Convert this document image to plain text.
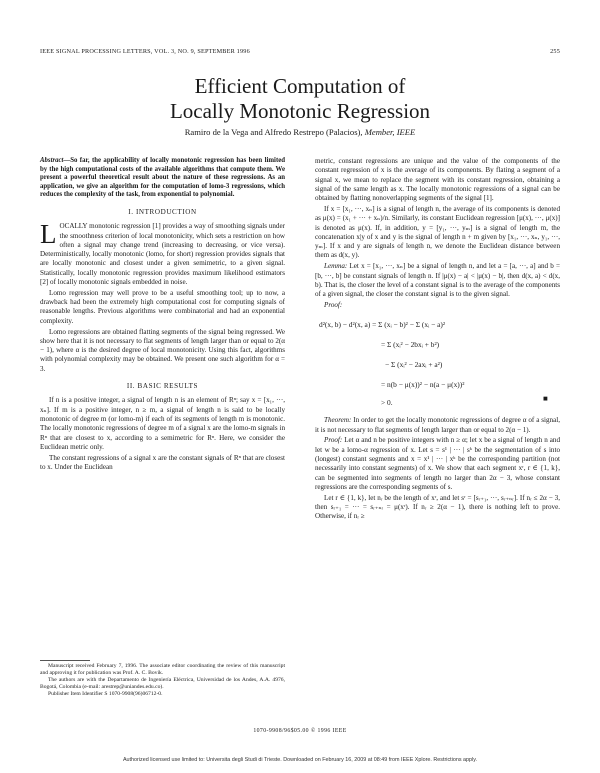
IEEE SIGNAL PROCESSING LETTERS, VOL. 3, NO. 9, SEPTEMBER 1996	255
Efficient Computation of
Locally Monotonic Regression
Ramiro de la Vega and Alfredo Restrepo (Palacios), Member, IEEE

Abstract—So far, the applicability of locally monotonic regression has been limited by the high computational costs of the available algorithms that compute them. We present a powerful theoretical result about the nature of these regressions. As an application, we give an algorithm for the computation of lomo-3 regressions, which reduces the complexity of the task, from exponential to polynomial.

I. INTRODUCTION

LOCALLY monotonic regression [1] provides a way of smoothing signals under the smoothness criterion of local monotonicity, which sets a restriction on how often a signal may change trend (increasing to decreasing, or vice versa). Deterministically, locally monotonic (lomo, for short) regression provides signals that are locally monotonic and closest under a given semimetric, to a given signal. Statistically, locally monotonic regression provides maximum likelihood estimators [2] of locally monotonic signals embedded in noise.

Lomo regression may well prove to be a useful smoothing tool; up to now, a drawback had been the extremely high computational cost for computing signals of reasonable lengths. Previous algorithms were combinatorial and had an exponential complexity.

Lomo regressions are obtained flatting segments of the signal being regressed. We show here that it is not necessary to flat segments of length larger than or equal to 2(α − 1), where α is the desired degree of local monotonicity. Using this fact, algorithms with polynomial complexity may be obtained. We present one such algorithm for α = 3.

II. BASIC RESULTS

If n is a positive integer, a signal of length n is an element of Rⁿ; say x = [x₁, ···, xₙ]. If m is a positive integer, n ≥ m, a signal of length n is said to be locally monotonic of degree m (or lomo-m) if each of its segments of length m is monotonic. The locally monotonic regressions of degree m of a signal x are the lomo-m signals in Rⁿ that are closest to x, according to a semimetric for Rⁿ. Here, we consider the Euclidean metric only.

The constant regressions of a signal x are the constant signals of Rⁿ that are closest to x. Under the Euclidean

Manuscript received February 7, 1996. The associate editor coordinating the review of this manuscript and approving it for publication was Prof. A. C. Bovik.

The authors are with the Departamento de Ingeniería Eléctrica, Universidad de los Andes, A.A. 4976, Bogotá, Colombia (e-mail: arestrep@uniandes.edu.co).

Publisher Item Identifier S 1070-9908(96)06712-0.

metric, constant regressions are unique and the value of the components of the constant regression of x is the average of its components. By flating a segment of a signal x, we mean to replace the segment with its constant regression, obtaining a signal of the same length as x. The locally monotonic regressions of a signal can be obtained by flatting nonoverlapping segments of the signal [1].

If x = [x₁, ···, xₙ] is a signal of length n, the average of its components is denoted as μ(x) = (x₁ + ··· + xₙ)/n. Similarly, its constant Euclidean regression [μ(x), ···, μ(x)] is denoted as μ(x). If, in addition, y = [y₁, ···, yₘ] is a signal of length m, the concatenation x|y of x and y is the signal of length n + m given by [x₁, ···, xₙ, y₁, ···, yₘ]. If x and y are signals of length n, we denote the Euclidean distance between them as d(x, y).

Lemma: Let x = [x₁, ···, xₙ] be a signal of length n, and let a = [a, ···, a] and b = [b, ···, b] be constant signals of length n. If |μ(x) − a| < |μ(x) − b|, then d(x, a) < d(x, b). That is, the closer the level of a constant signal is to the average of the components of a given signal, the closer the constant signal is to the given signal.

Proof:

d²(x, b) − d²(x, a) = Σ (xᵢ − b)² − Σ (xᵢ − a)²
= Σ (xᵢ² − 2bxᵢ + b²)
− Σ (xᵢ² − 2axᵢ + a²)
= n(b − μ(x))² − n(a − μ(x))²
> 0.	■

Theorem: In order to get the locally monotonic regressions of degree α of a signal, it is not necessary to flat segments of length larger than or equal to 2(α − 1).

Proof: Let α and n be positive integers with n ≥ α; let x be a signal of length n and let w be a lomo-α regression of x. Let s = s¹ | ··· | sᵏ be the segmentation of s into (longest) constant segments and x = x¹ | ··· | xᵏ be the corresponding partition (not necessarily into constant segments) of x. We show that each segment xʳ, r ∈ {1, k}, can be segmented into segments of length no larger than 2α − 3, whose constant regressions are the corresponding segments of s.

Let r ∈ {1, k}, let nᵣ be the length of xʳ, and let sʳ = [sᵣ₊₁, ···, sᵣ₊ₙᵣ]. If nᵣ ≤ 2α − 3, then sᵣ₊₁ = ··· = sᵣ₊ₙᵣ = μ(xʳ). If nᵣ ≥ 2(α − 1), there is nothing left to prove. Otherwise, if nᵣ ≥

1070-9908/96$05.00 © 1996 IEEE
Authorized licensed use limited to: Universita degli Studi di Trieste. Downloaded on February 16, 2009 at 08:49 from IEEE Xplore. Restrictions apply.
